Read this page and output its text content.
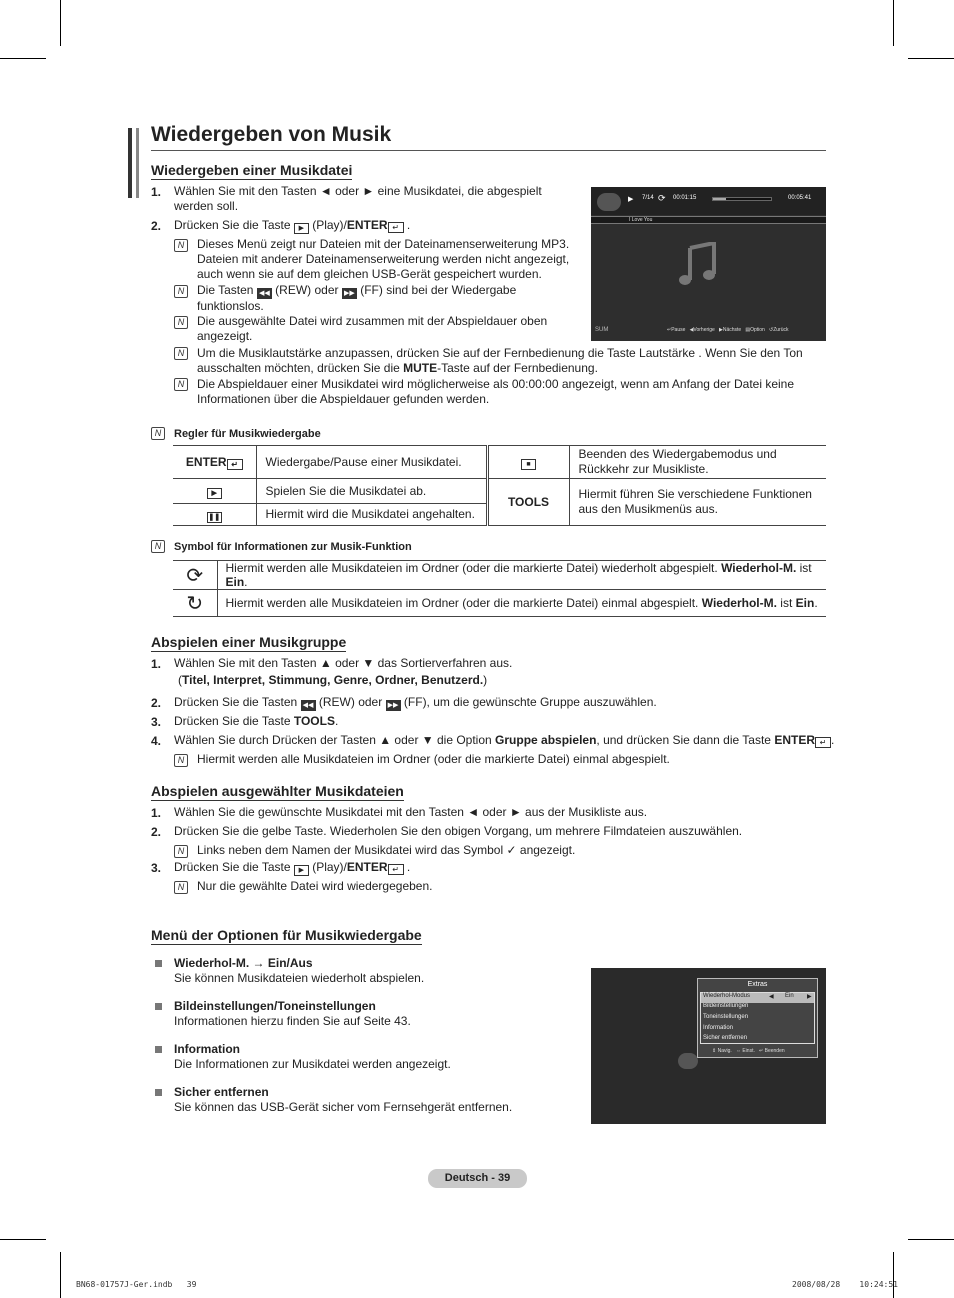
Wiedergeben von Musik
Wiedergeben einer Musikdatei
1. Wählen Sie mit den Tasten ◄ oder ► eine Musikdatei, die abgespielt
werden soll.
2. Drücken Sie die Taste ▶ (Play)/ENTER ↵ .
N	Dieses Menü zeigt nur Dateien mit der Dateinamenserweiterung MP3.
Dateien mit anderer Dateinamenserweiterung werden nicht angezeigt,
auch wenn sie auf dem gleichen USB-Gerät gespeichert wurden.
N	Die Tasten ◀◀ (REW) oder ▶▶ (FF) sind bei der Wiedergabe
funktionslos.
N	Die ausgewählte Datei wird zusammen mit der Abspieldauer oben
angezeigt.
N	Um die Musiklautstärke anzupassen, drücken Sie auf der Fernbedienung die Taste Lautstärke . Wenn Sie den Ton
ausschalten möchten, drücken Sie die MUTE-Taste auf der Fernbedienung.
N	Die Abspieldauer einer Musikdatei wird möglicherweise als 00:00:00 angezeigt, wenn am Anfang der Datei keine
Informationen über die Abspieldauer gefunden werden.
▶ 7/14 ⟳ 00:01:15	00:05:41
I Love You
SUM	↵Pause ◀Vorherige ▶Nächste ▤Option ↺Zurück
N	Regler für Musikwiedergabe
ENTER ↵	Wiedergabe/Pause einer Musikdatei.	■	Beenden des Wiedergabemodus und
Rückkehr zur Musikliste.

▶	Spielen Sie die Musikdatei ab.	TOOLS	Hiermit führen Sie verschiedene Funktionen
aus den Musikmenüs aus.

❚❚	Hiermit wird die Musikdatei angehalten.		
N	Symbol für Informationen zur Musik-Funktion
⟳	Hiermit werden alle Musikdateien im Ordner (oder die markierte Datei) wiederholt abgespielt. Wiederhol-M. ist Ein.
↻	Hiermit werden alle Musikdateien im Ordner (oder die markierte Datei) einmal abgespielt. Wiederhol-M. ist Ein.
Abspielen einer Musikgruppe
1. Wählen Sie mit den Tasten ▲ oder ▼ das Sortierverfahren aus.
(Titel, Interpret, Stimmung, Genre, Ordner, Benutzerd.)
2. Drücken Sie die Tasten ◀◀ (REW) oder ▶▶ (FF), um die gewünschte Gruppe auszuwählen.
3. Drücken Sie die Taste TOOLS.
4. Wählen Sie durch Drücken der Tasten ▲ oder ▼ die Option Gruppe abspielen, und drücken Sie dann die Taste ENTER ↵ .
N	Hiermit werden alle Musikdateien im Ordner (oder die markierte Datei) einmal abgespielt.
Abspielen ausgewählter Musikdateien
1. Wählen Sie die gewünschte Musikdatei mit den Tasten ◄ oder ► aus der Musikliste aus.
2. Drücken Sie die gelbe Taste. Wiederholen Sie den obigen Vorgang, um mehrere Filmdateien auszuwählen.
N	Links neben dem Namen der Musikdatei wird das Symbol ✓ angezeigt.
3. Drücken Sie die Taste ▶ (Play)/ENTER ↵ .
N	Nur die gewählte Datei wird wiedergegeben.
Menü der Optionen für Musikwiedergabe
Wiederhol-M. → Ein/Aus
Sie können Musikdateien wiederholt abspielen.
Bildeinstellungen/Toneinstellungen
Informationen hierzu finden Sie auf Seite 43.
Information
Die Informationen zur Musikdatei werden angezeigt.
Sicher entfernen
Sie können das USB-Gerät sicher vom Fernsehgerät entfernen.
Extras
Wiederhol-Modus	◀ Ein ▶
Bildeinstellungen
Toneinstellungen
Information
Sicher entfernen
⇕ Navig. ⇔ Einst. ↵ Beenden
Deutsch - 39
BN68-01757J-Ger.indb   39	2008/08/28    10:24:51
